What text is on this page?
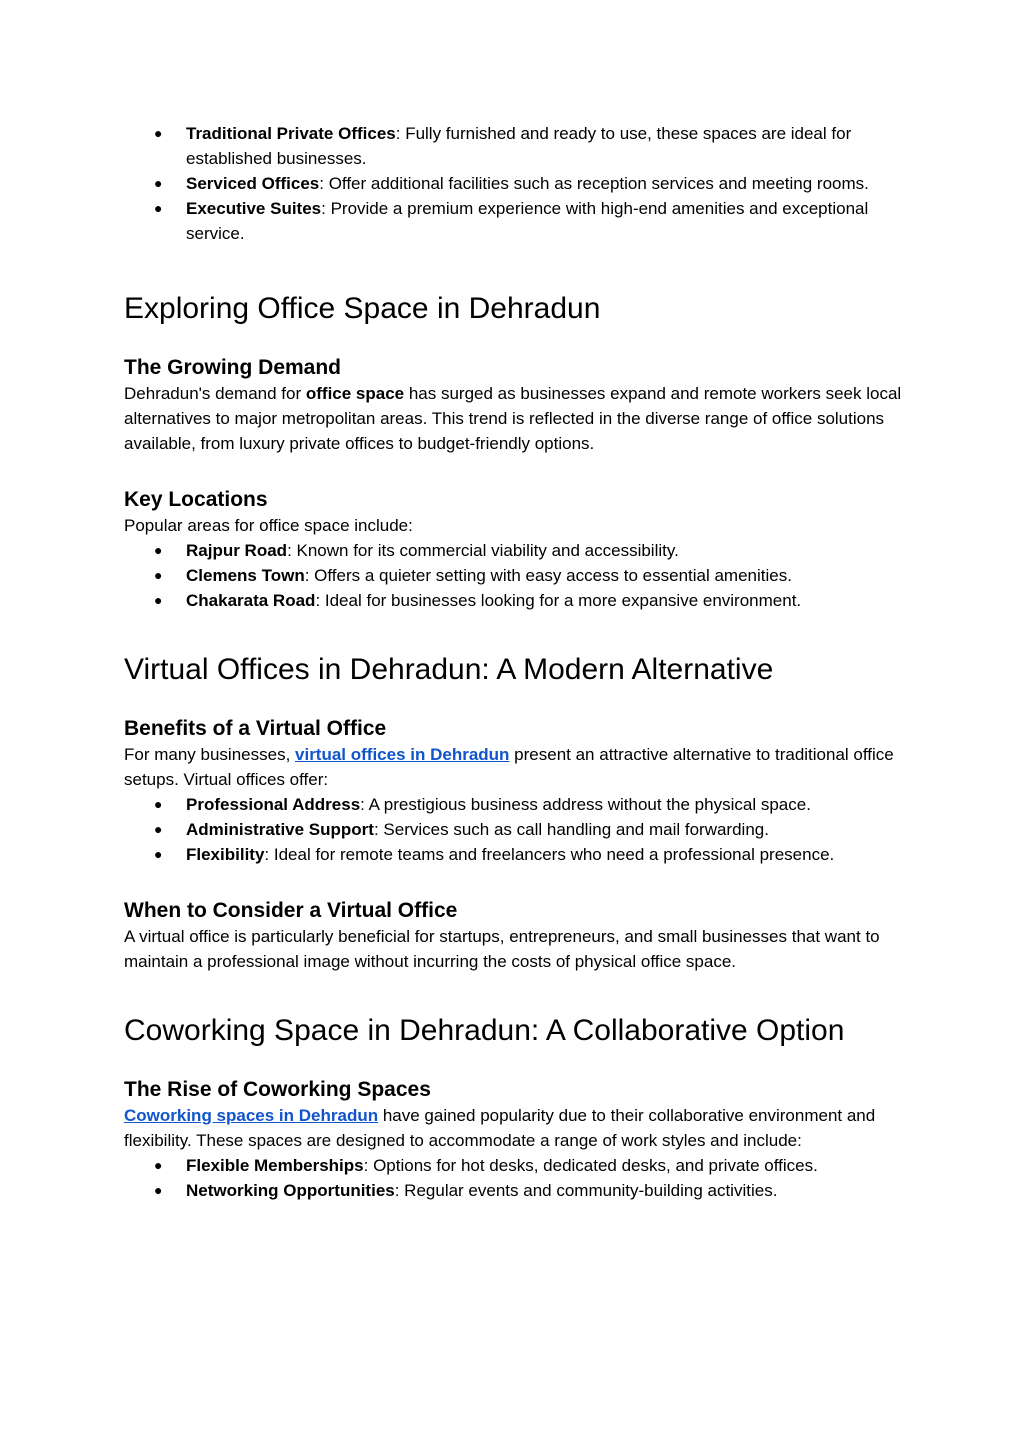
● Traditional Private Offices: Fully furnished and ready to use, these spaces are ideal for established businesses.
● Serviced Offices: Offer additional facilities such as reception services and meeting rooms.
● Executive Suites: Provide a premium experience with high-end amenities and exceptional service.
Exploring Office Space in Dehradun
The Growing Demand

Dehradun's demand for office space has surged as businesses expand and remote workers seek local alternatives to major metropolitan areas. This trend is reflected in the diverse range of office solutions available, from luxury private offices to budget-friendly options.

Key Locations

Popular areas for office space include:

● Rajpur Road: Known for its commercial viability and accessibility.
● Clemens Town: Offers a quieter setting with easy access to essential amenities.
● Chakarata Road: Ideal for businesses looking for a more expansive environment.
Virtual Offices in Dehradun: A Modern Alternative
Benefits of a Virtual Office

For many businesses, virtual offices in Dehradun present an attractive alternative to traditional office setups. Virtual offices offer:

● Professional Address: A prestigious business address without the physical space.
● Administrative Support: Services such as call handling and mail forwarding.
● Flexibility: Ideal for remote teams and freelancers who need a professional presence.
When to Consider a Virtual Office

A virtual office is particularly beneficial for startups, entrepreneurs, and small businesses that want to maintain a professional image without incurring the costs of physical office space.

Coworking Space in Dehradun: A Collaborative Option
The Rise of Coworking Spaces

Coworking spaces in Dehradun have gained popularity due to their collaborative environment and flexibility. These spaces are designed to accommodate a range of work styles and include:

● Flexible Memberships: Options for hot desks, dedicated desks, and private offices.
● Networking Opportunities: Regular events and community-building activities.
